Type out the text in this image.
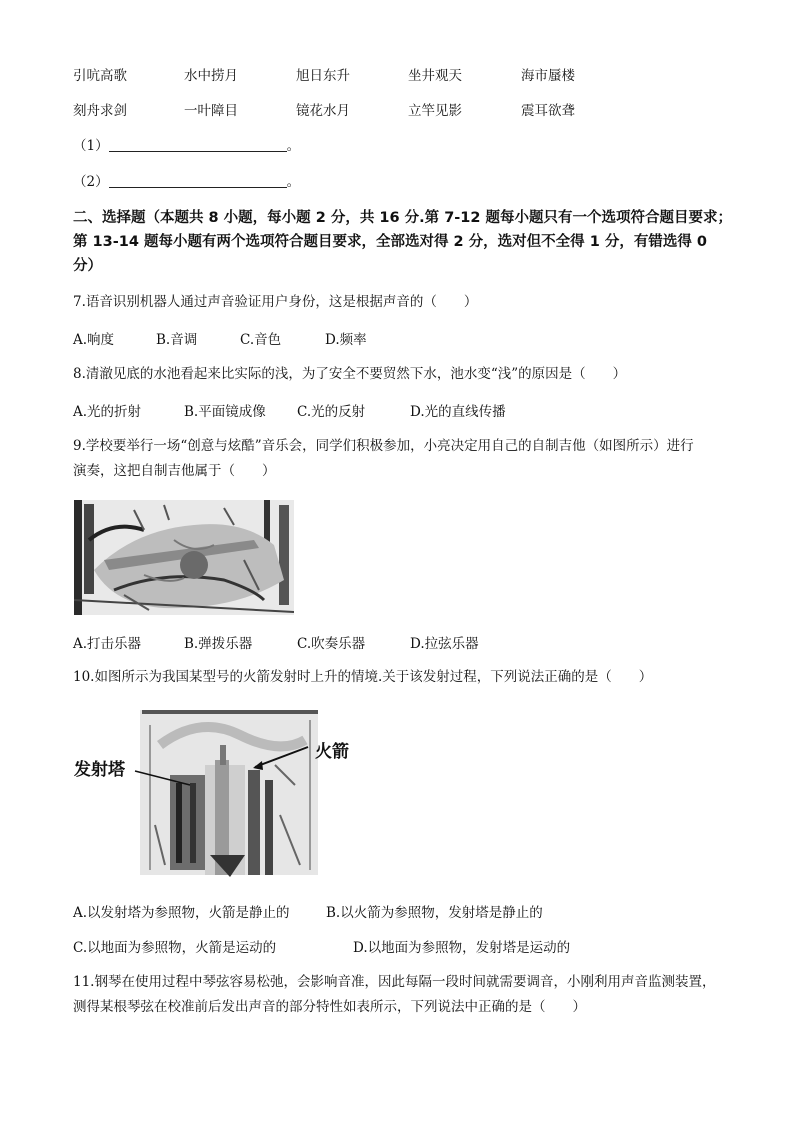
引吭高歌	水中捞月	旭日东升	坐井观天	海市蜃楼
刻舟求剑	一叶障目	镜花水月	立竿见影	震耳欲聋
（1）	。
（2）	。
二、选择题（本题共 8 小题，每小题 2 分，共 16 分.第 7-12 题每小题只有一个选项符合题目要求；第 13-14 题每小题有两个选项符合题目要求，全部选对得 2 分，选对但不全得 1 分，有错选得 0 分）
7.语音识别机器人通过声音验证用户身份，这是根据声音的（　　）
A.响度	B.音调	C.音色	D.频率
8.清澈见底的水池看起来比实际的浅，为了安全不要贸然下水，池水变“浅”的原因是（　　）
A.光的折射	B.平面镜成像 C.光的反射	D.光的直线传播
9.学校要举行一场“创意与炫酷”音乐会，同学们积极参加，小亮决定用自己的自制吉他（如图所示）进行
演奏，这把自制吉他属于（　　）
A.打击乐器	B.弹拨乐器	C.吹奏乐器	D.拉弦乐器
10.如图所示为我国某型号的火箭发射时上升的情境.关于该发射过程，下列说法正确的是（　　）
发射塔
火箭
A.以发射塔为参照物，火箭是静止的	B.以火箭为参照物，发射塔是静止的
C.以地面为参照物，火箭是运动的	D.以地面为参照物，发射塔是运动的
11.钢琴在使用过程中琴弦容易松弛，会影响音准，因此每隔一段时间就需要调音，小刚利用声音监测装置，
测得某根琴弦在校准前后发出声音的部分特性如表所示，下列说法中正确的是（　　）
